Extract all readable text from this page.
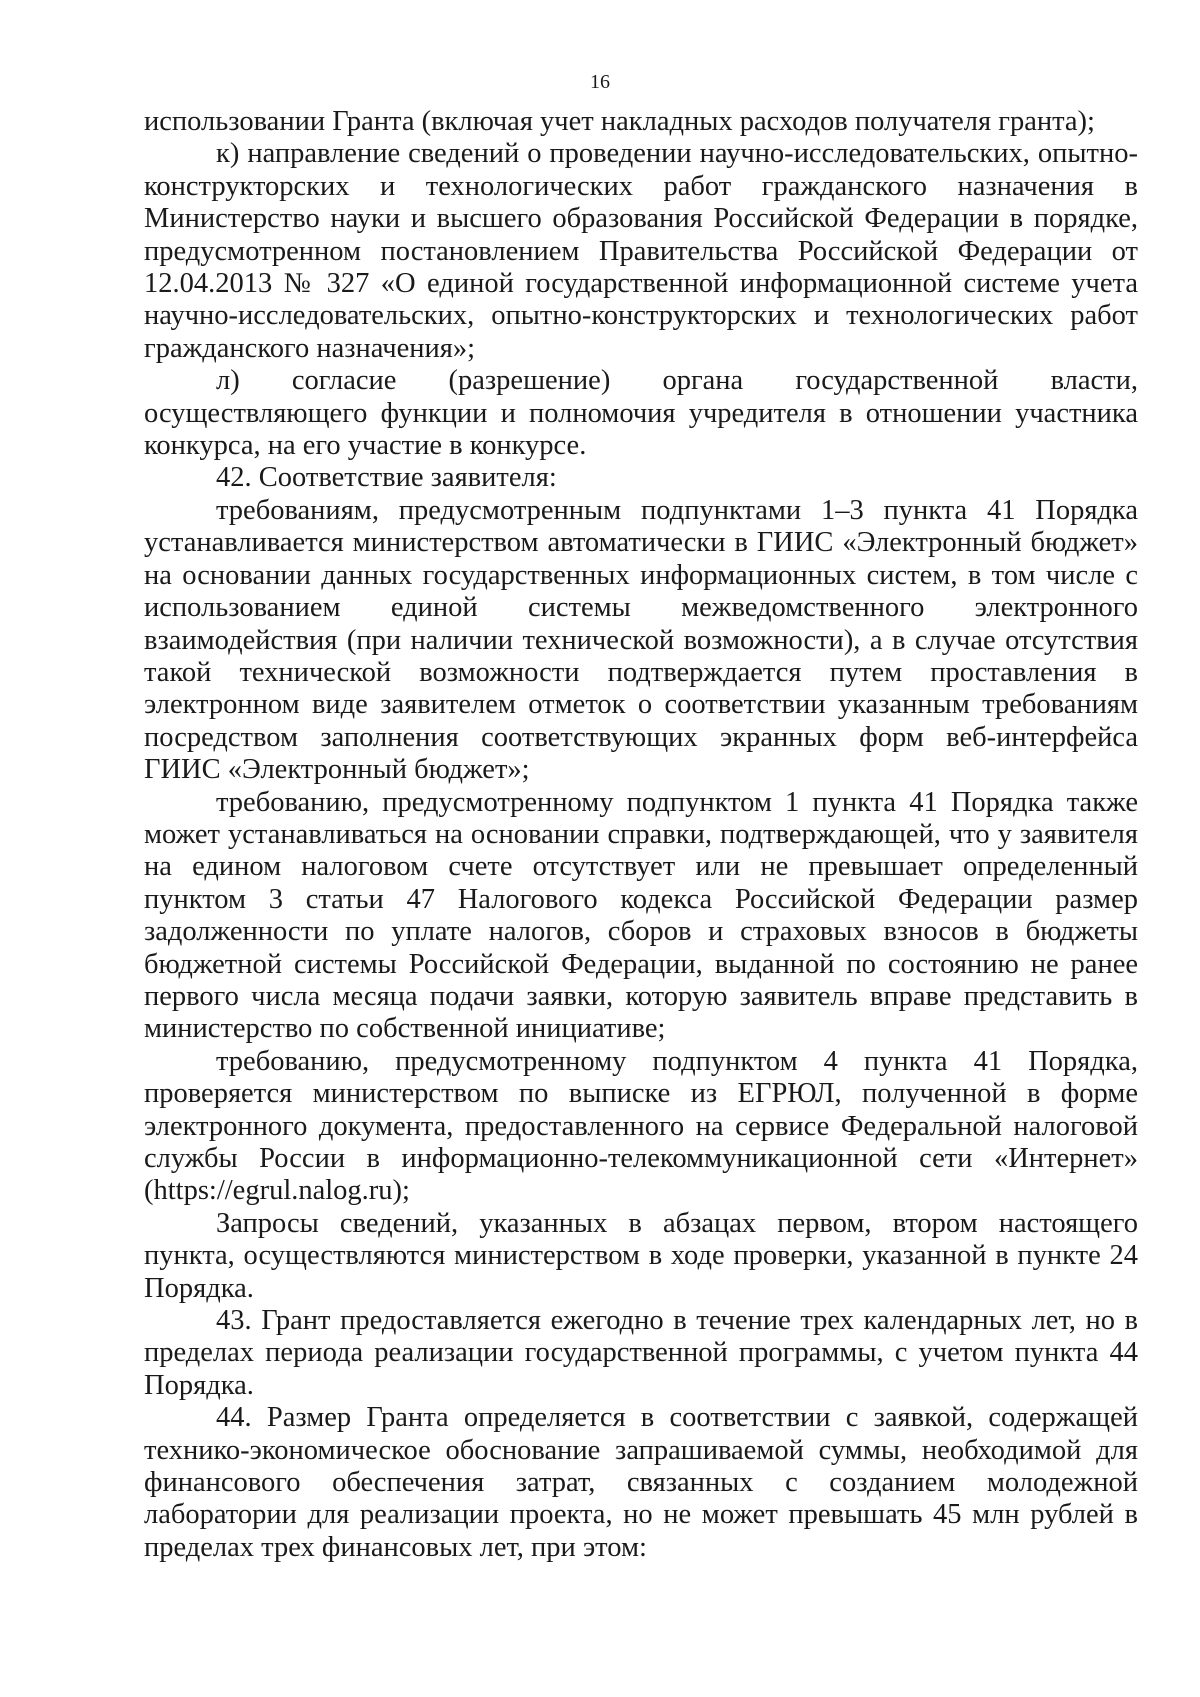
16

использовании Гранта (включая учет накладных расходов получателя гранта);

к) направление сведений о проведении научно-исследовательских, опытно-конструкторских и технологических работ гражданского назначения в Министерство науки и высшего образования Российской Федерации в порядке, предусмотренном постановлением Правительства Российской Федерации от 12.04.2013 № 327 «О единой государственной информационной системе учета научно-исследовательских, опытно-конструкторских и технологических работ гражданского назначения»;

л) согласие (разрешение) органа государственной власти, осуществляющего функции и полномочия учредителя в отношении участника конкурса, на его участие в конкурсе.

42. Соответствие заявителя:

требованиям, предусмотренным подпунктами 1–3 пункта 41 Порядка устанавливается министерством автоматически в ГИИС «Электронный бюджет» на основании данных государственных информационных систем, в том числе с использованием единой системы межведомственного электронного взаимодействия (при наличии технической возможности), а в случае отсутствия такой технической возможности подтверждается путем проставления в электронном виде заявителем отметок о соответствии указанным требованиям посредством заполнения соответствующих экранных форм веб-интерфейса ГИИС «Электронный бюджет»;

требованию, предусмотренному подпунктом 1 пункта 41 Порядка также может устанавливаться на основании справки, подтверждающей, что у заявителя на едином налоговом счете отсутствует или не превышает определенный пунктом 3 статьи 47 Налогового кодекса Российской Федерации размер задолженности по уплате налогов, сборов и страховых взносов в бюджеты бюджетной системы Российской Федерации, выданной по состоянию не ранее первого числа месяца подачи заявки, которую заявитель вправе представить в министерство по собственной инициативе;

требованию, предусмотренному подпунктом 4 пункта 41 Порядка, проверяется министерством по выписке из ЕГРЮЛ, полученной в форме электронного документа, предоставленного на сервисе Федеральной налоговой службы России в информационно-телекоммуникационной сети «Интернет» (https://egrul.nalog.ru);

Запросы сведений, указанных в абзацах первом, втором настоящего пункта, осуществляются министерством в ходе проверки, указанной в пункте 24 Порядка.

43. Грант предоставляется ежегодно в течение трех календарных лет, но в пределах периода реализации государственной программы, с учетом пункта 44 Порядка.

44. Размер Гранта определяется в соответствии с заявкой, содержащей технико-экономическое обоснование запрашиваемой суммы, необходимой для финансового обеспечения затрат, связанных с созданием молодежной лаборатории для реализации проекта, но не может превышать 45 млн рублей в пределах трех финансовых лет, при этом:
